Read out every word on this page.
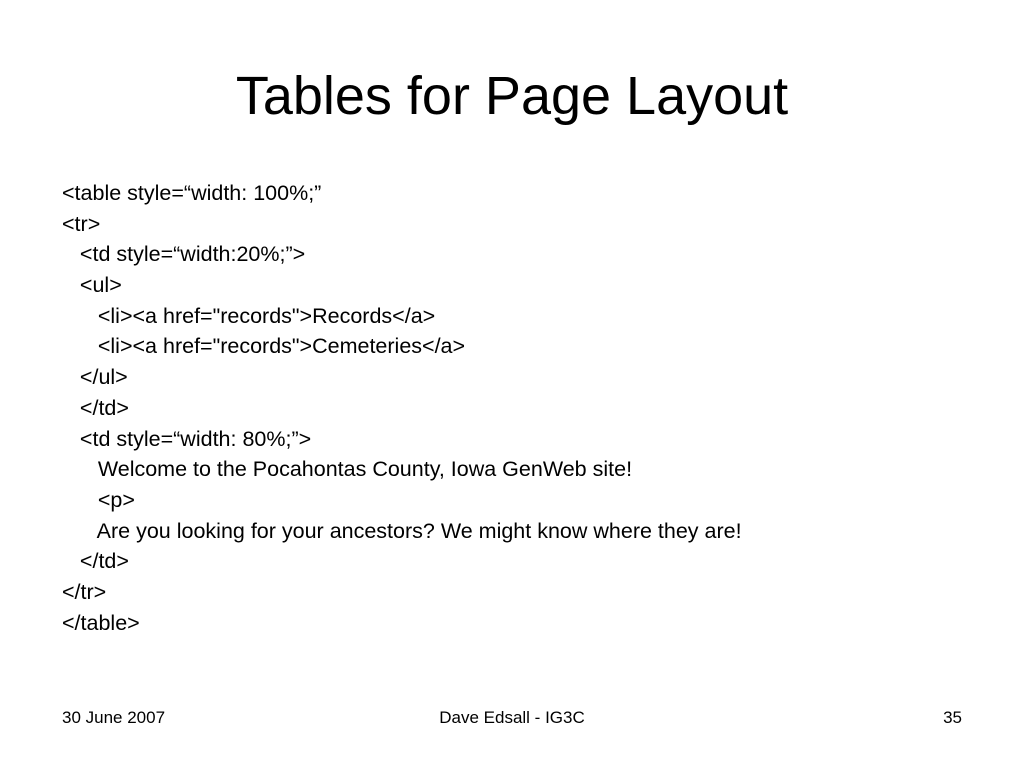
Tables for Page Layout
<table style=“width: 100%;”
<tr>
<td style=“width:20%;”>
<ul>
<li><a href="records">Records</a>
<li><a href="records">Cemeteries</a>
</ul>
</td>
<td style=“width: 80%;”>
Welcome to the Pocahontas County, Iowa GenWeb site!
<p>
Are you looking for your ancestors? We might know where they are!
</td>
</tr>
</table>
30 June 2007	Dave Edsall - IG3C	35
